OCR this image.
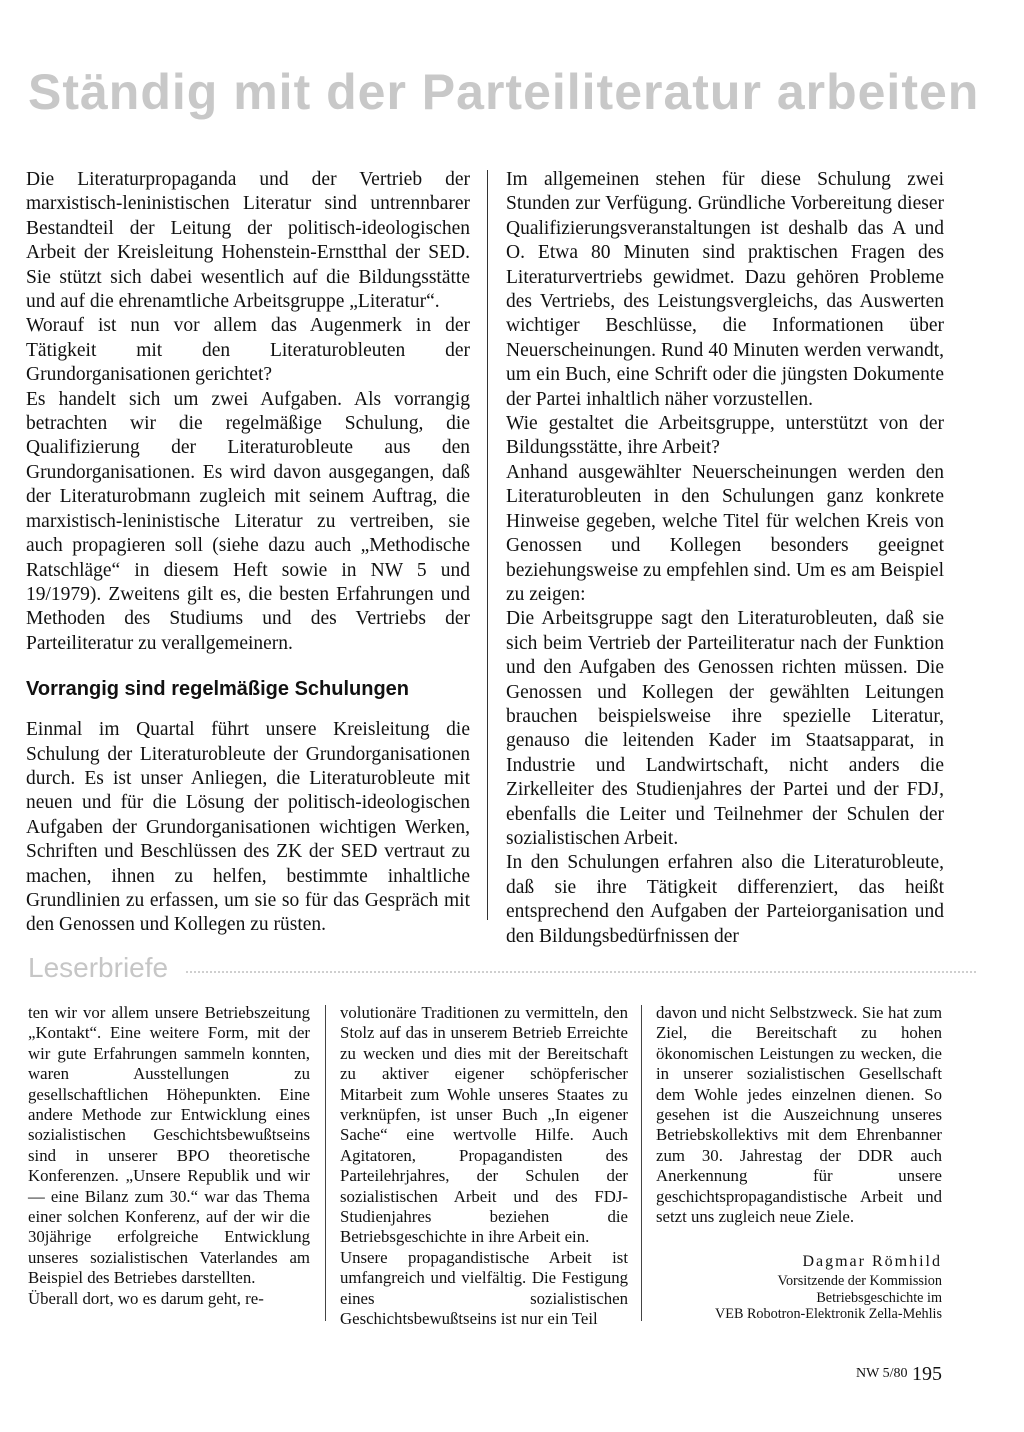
Ständig mit der Parteiliteratur arbeiten

Die Literaturpropaganda und der Vertrieb der marxistisch-leninistischen Literatur sind untrennbarer Bestandteil der Leitung der politisch-ideologischen Arbeit der Kreisleitung Hohenstein-Ernstthal der SED. Sie stützt sich dabei wesentlich auf die Bildungsstätte und auf die ehrenamtliche Arbeitsgruppe „Literatur“.

Worauf ist nun vor allem das Augenmerk in der Tätigkeit mit den Literaturobleuten der Grundorganisationen gerichtet?

Es handelt sich um zwei Aufgaben. Als vorrangig betrachten wir die regelmäßige Schulung, die Qualifizierung der Literaturobleute aus den Grundorganisationen. Es wird davon ausgegangen, daß der Literaturobmann zugleich mit seinem Auftrag, die marxistisch-leninistische Literatur zu vertreiben, sie auch propagieren soll (siehe dazu auch „Methodische Ratschläge“ in diesem Heft sowie in NW 5 und 19/1979). Zweitens gilt es, die besten Erfahrungen und Methoden des Studiums und des Vertriebs der Parteiliteratur zu verallgemeinern.

Vorrangig sind regelmäßige Schulungen

Einmal im Quartal führt unsere Kreisleitung die Schulung der Literaturobleute der Grundorganisationen durch. Es ist unser Anliegen, die Literaturobleute mit neuen und für die Lösung der politisch-ideologischen Aufgaben der Grundorganisationen wichtigen Werken, Schriften und Beschlüssen des ZK der SED vertraut zu machen, ihnen zu helfen, bestimmte inhaltliche Grundlinien zu erfassen, um sie so für das Gespräch mit den Genossen und Kollegen zu rüsten.

Im allgemeinen stehen für diese Schulung zwei Stunden zur Verfügung. Gründliche Vorbereitung dieser Qualifizierungsveranstaltungen ist deshalb das A und O. Etwa 80 Minuten sind praktischen Fragen des Literaturvertriebs gewidmet. Dazu gehören Probleme des Vertriebs, des Leistungsvergleichs, das Auswerten wichtiger Beschlüsse, die Informationen über Neuerscheinungen. Rund 40 Minuten werden verwandt, um ein Buch, eine Schrift oder die jüngsten Dokumente der Partei inhaltlich näher vorzustellen.

Wie gestaltet die Arbeitsgruppe, unterstützt von der Bildungsstätte, ihre Arbeit?

Anhand ausgewählter Neuerscheinungen werden den Literaturobleuten in den Schulungen ganz konkrete Hinweise gegeben, welche Titel für welchen Kreis von Genossen und Kollegen besonders geeignet beziehungsweise zu empfehlen sind. Um es am Beispiel zu zeigen:

Die Arbeitsgruppe sagt den Literaturobleuten, daß sie sich beim Vertrieb der Parteiliteratur nach der Funktion und den Aufgaben des Genossen richten müssen. Die Genossen und Kollegen der gewählten Leitungen brauchen beispielsweise ihre spezielle Literatur, genauso die leitenden Kader im Staatsapparat, in Industrie und Landwirtschaft, nicht anders die Zirkelleiter des Studienjahres der Partei und der FDJ, ebenfalls die Leiter und Teilnehmer der Schulen der sozialistischen Arbeit.

In den Schulungen erfahren also die Literaturobleute, daß sie ihre Tätigkeit differenziert, das heißt entsprechend den Aufgaben der Parteiorganisation und den Bildungsbedürfnissen der

Leserbriefe

ten wir vor allem unsere Betriebszeitung „Kontakt“. Eine weitere Form, mit der wir gute Erfahrungen sammeln konnten, waren Ausstellungen zu gesellschaftlichen Höhepunkten. Eine andere Methode zur Entwicklung eines sozialistischen Geschichtsbewußtseins sind in unserer BPO theoretische Konferenzen. „Unsere Republik und wir — eine Bilanz zum 30.“ war das Thema einer solchen Konferenz, auf der wir die 30jährige erfolgreiche Entwicklung unseres sozialistischen Vaterlandes am Beispiel des Betriebes darstellten.

Überall dort, wo es darum geht, re-

volutionäre Traditionen zu vermitteln, den Stolz auf das in unserem Betrieb Erreichte zu wecken und dies mit der Bereitschaft zu aktiver eigener schöpferischer Mitarbeit zum Wohle unseres Staates zu verknüpfen, ist unser Buch „In eigener Sache“ eine wertvolle Hilfe. Auch Agitatoren, Propagandisten des Parteilehrjahres, der Schulen der sozialistischen Arbeit und des FDJ-Studienjahres beziehen die Betriebsgeschichte in ihre Arbeit ein.

Unsere propagandistische Arbeit ist umfangreich und vielfältig. Die Festigung eines sozialistischen Geschichtsbewußtseins ist nur ein Teil

davon und nicht Selbstzweck. Sie hat zum Ziel, die Bereitschaft zu hohen ökonomischen Leistungen zu wecken, die in unserer sozialistischen Gesellschaft dem Wohle jedes einzelnen dienen. So gesehen ist die Auszeichnung unseres Betriebskollektivs mit dem Ehrenbanner zum 30. Jahrestag der DDR auch Anerkennung für unsere geschichtspropagandistische Arbeit und setzt uns zugleich neue Ziele.

Dagmar Römhild
Vorsitzende der Kommission
Betriebsgeschichte im
VEB Robotron-Elektronik Zella-Mehlis
NW 5/80 195
